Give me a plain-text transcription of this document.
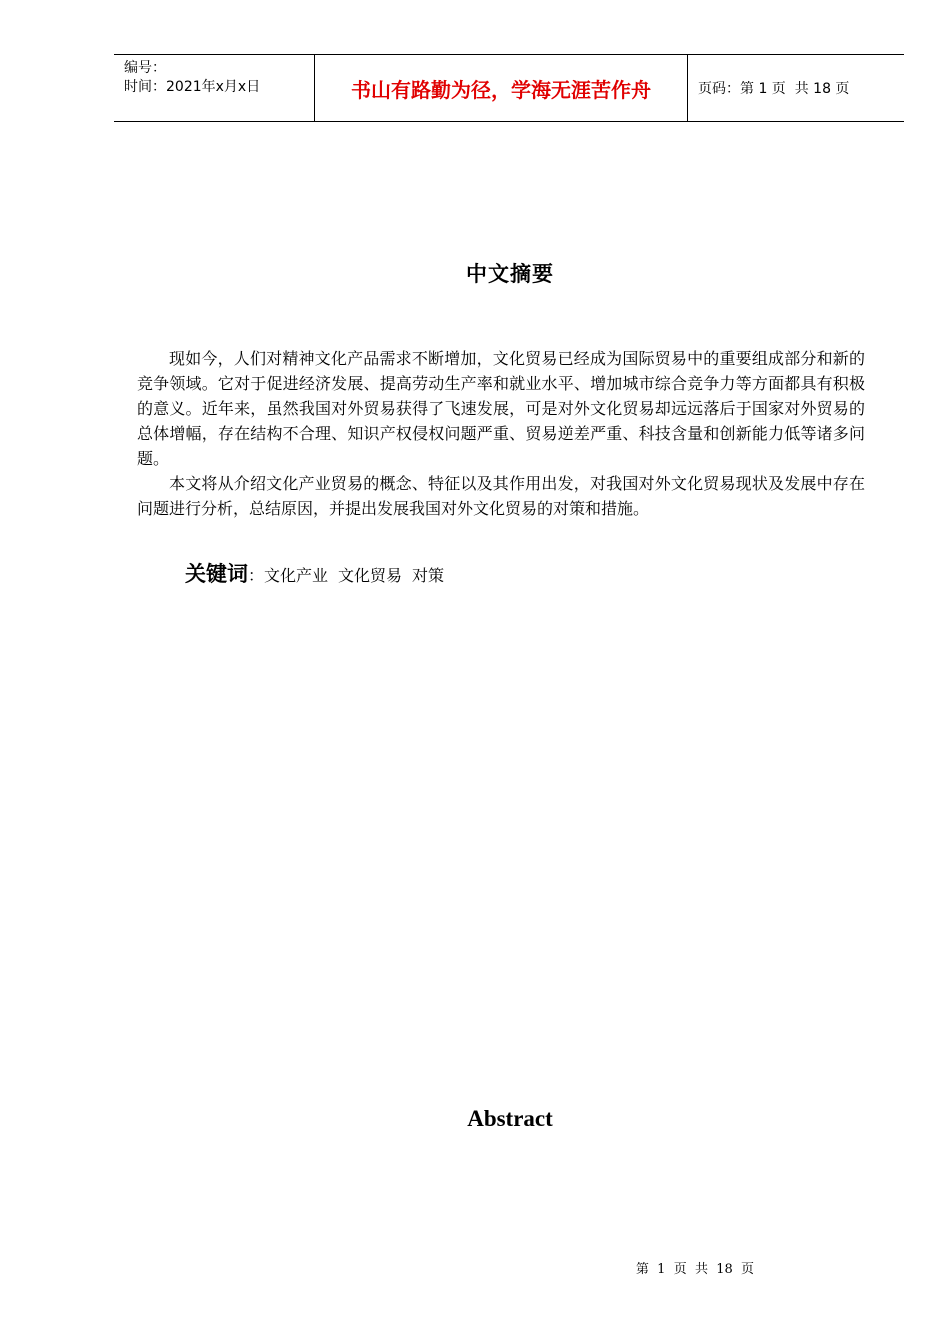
编号：
时间：2021年x月x日	书山有路勤为径，学海无涯苦作舟	页码：第 1 页  共 18 页
中文摘要

现如今，人们对精神文化产品需求不断增加，文化贸易已经成为国际贸易中的重要组成部分和新的竞争领域。它对于促进经济发展、提高劳动生产率和就业水平、增加城市综合竞争力等方面都具有积极的意义。近年来，虽然我国对外贸易获得了飞速发展，可是对外文化贸易却远远落后于国家对外贸易的总体增幅，存在结构不合理、知识产权侵权问题严重、贸易逆差严重、科技含量和创新能力低等诸多问题。

本文将从介绍文化产业贸易的概念、特征以及其作用出发，对我国对外文化贸易现状及发展中存在问题进行分析，总结原因，并提出发展我国对外文化贸易的对策和措施。

关键词：文化产业 文化贸易 对策
Abstract
第  1  页  共  18  页
